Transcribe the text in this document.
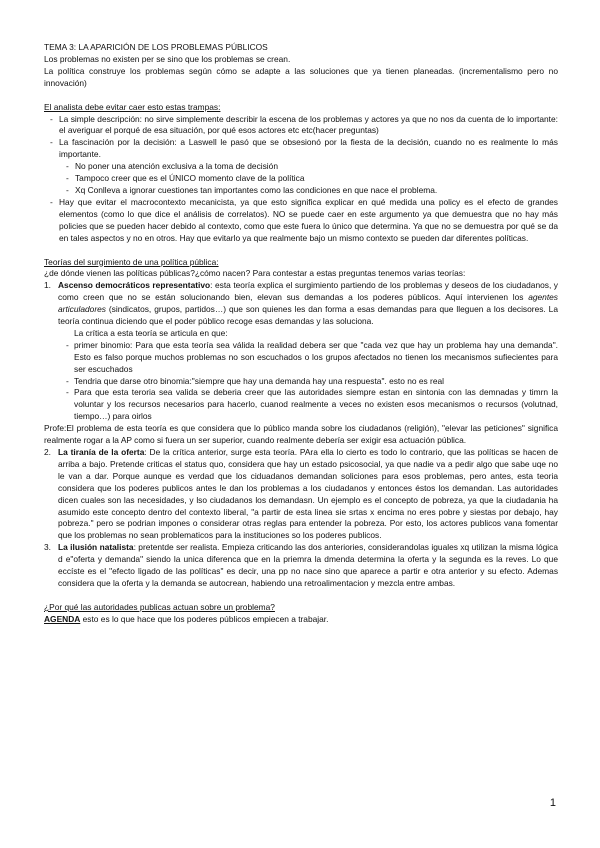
TEMA 3: LA APARICIÓN DE LOS PROBLEMAS PÚBLICOS

Los problemas no existen per se sino que los problemas se crean.

La política construye los problemas según cómo se adapte a las soluciones que ya tienen planeadas. (incrementalismo pero no innovación)

El analista debe evitar caer esto estas trampas:

- La simple descripción: no sirve simplemente describir la escena de los problemas y actores ya que no nos da cuenta de lo importante: el averiguar el porqué de esa situación, por qué esos actores etc etc(hacer preguntas)
- La fascinación por la decisión: a Laswell le pasó que se obsesionó por la fiesta de la decisión, cuando no es realmente lo más importante.
- No poner una atención exclusiva a la toma de decisión
- Tampoco creer que es el ÚNICO momento clave de la política
- Xq Conlleva a ignorar cuestiones tan importantes como las condiciones en que nace el problema.
- Hay que evitar el macrocontexto mecanicista, ya que esto significa explicar en qué medida una policy es el efecto de grandes elementos (como lo que dice el análisis de correlatos). NO se puede caer en este argumento ya que demuestra que no hay más policies que se pueden hacer debido al contexto, como que este fuera lo único que determina. Ya que no se demuestra por qué se da en tales aspectos y no en otros. Hay que evitarlo ya que realmente bajo un mismo contexto se pueden dar diferentes políticas.

Teorías del surgimiento de una política pública:

¿de dónde vienen las políticas públicas?¿cómo nacen? Para contestar a estas preguntas tenemos varias teorías:

1. Ascenso democráticos representativo: esta teoría explica el surgimiento partiendo de los problemas y deseos de los ciudadanos, y como creen que no se están solucionando bien, elevan sus demandas a los poderes públicos. Aquí intervienen los agentes articuladores (sindicatos, grupos, partidos…) que son quienes les dan forma a esas demandas para que lleguen a los decisores. La teoría continua diciendo que el poder público recoge esas demandas y las soluciona.

La crítica a esta teoría se articula en que:

- primer binomio: Para que esta teoría sea válida la realidad debera ser que "cada vez que hay un problema hay una demanda". Esto es falso porque muchos problemas no son escuchados o los grupos afectados no tienen los mecanismos sufiecientes para ser escuchados
- Tendria que darse otro binomia:"siempre que hay una demanda hay una respuesta". esto no es real
- Para que esta teroria sea valida se deberia creer que las autoridades siempre estan en sintonia con las demnadas y timrn la voluntar y los recursos necesarios para hacerlo, cuanod realmente a veces no existen esos mecanismos o recursos (volutnad, tiempo…) para oirlos

Profe:El problema de esta teoría es que considera que lo público manda sobre los ciudadanos (religión), "elevar las peticiones" significa realmente rogar a la AP como si fuera un ser superior, cuando realmente debería ser exigir esa actuación pública.

2. La tiranía de la oferta: De la crítica anterior, surge esta teoría. PAra ella lo cierto es todo lo contrario, que las políticas se hacen de arriba a bajo. Pretende criticas el status quo, considera que hay un estado psicosocial, ya que nadie va a pedir algo que sabe uqe no le van a dar. Porque aunque es verdad que los ciduadanos demandan soliciones para esos problemas, pero antes, esta teoria considera que los poderes publicos antes le dan los problemas a los ciudadanos y entonces éstos los demandan. Las autoridades dicen cuales son las necesidades, y lso ciudadanos los demandasn. Un ejemplo es el concepto de pobreza, ya que la ciudadania ha asumido este concepto dentro del contexto liberal, "a partir de esta linea sie srtas x encima no eres pobre y siestas por debajo, hay pobreza." pero se podrian impones o considerar otras reglas para entender la pobreza. Por esto, los actores publicos vana fomentar que los problemas no sean problematicos para la instituciones so los poderes publicos.
3. La ilusión natalista: pretentde ser realista. Empieza criticando las dos anteriories, considerandolas iguales xq utilizan la misma lógica d e"oferta y demanda" siendo la unica diferenca que en la priemra la dmenda determina la oferta y la segunda es la reves. Lo que eccíste es el "efecto ligado de las políticas" es decir, una pp no nace sino que aparece a partir e otra anterior y su efecto. Ademas considera que la oferta y la demanda se autocrean, habiendo una retroalimentacion y mezcla entre ambas.

¿Por qué las autoridades publicas actuan sobre un problema?

AGENDA esto es lo que hace que los poderes públicos empiecen a trabajar.

1
